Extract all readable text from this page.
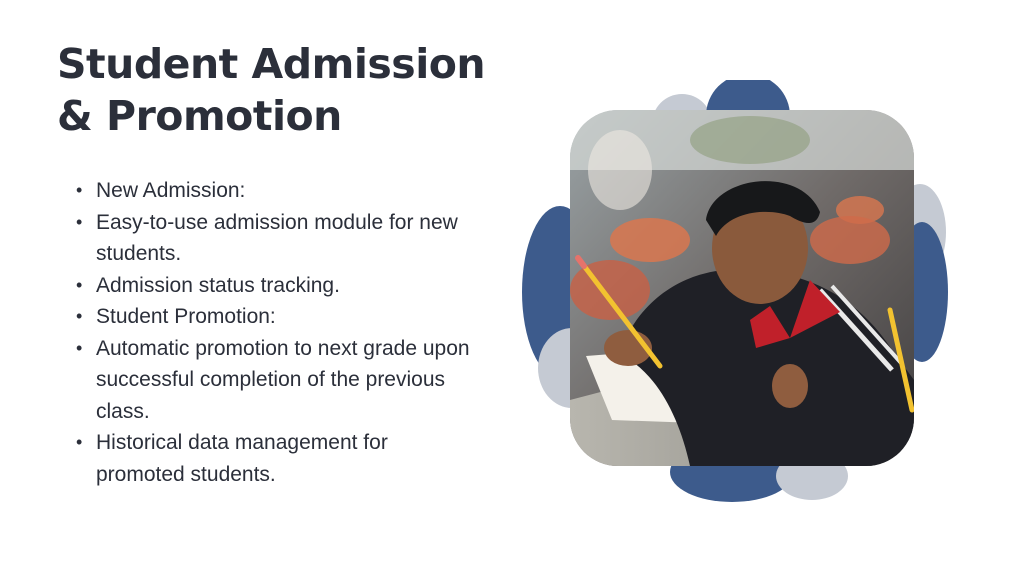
Student Admission & Promotion
• New Admission:
• Easy-to-use admission module for new students.
• Admission status tracking.
• Student Promotion:
• Automatic promotion to next grade upon successful completion of the previous class.
• Historical data management for promoted students.
